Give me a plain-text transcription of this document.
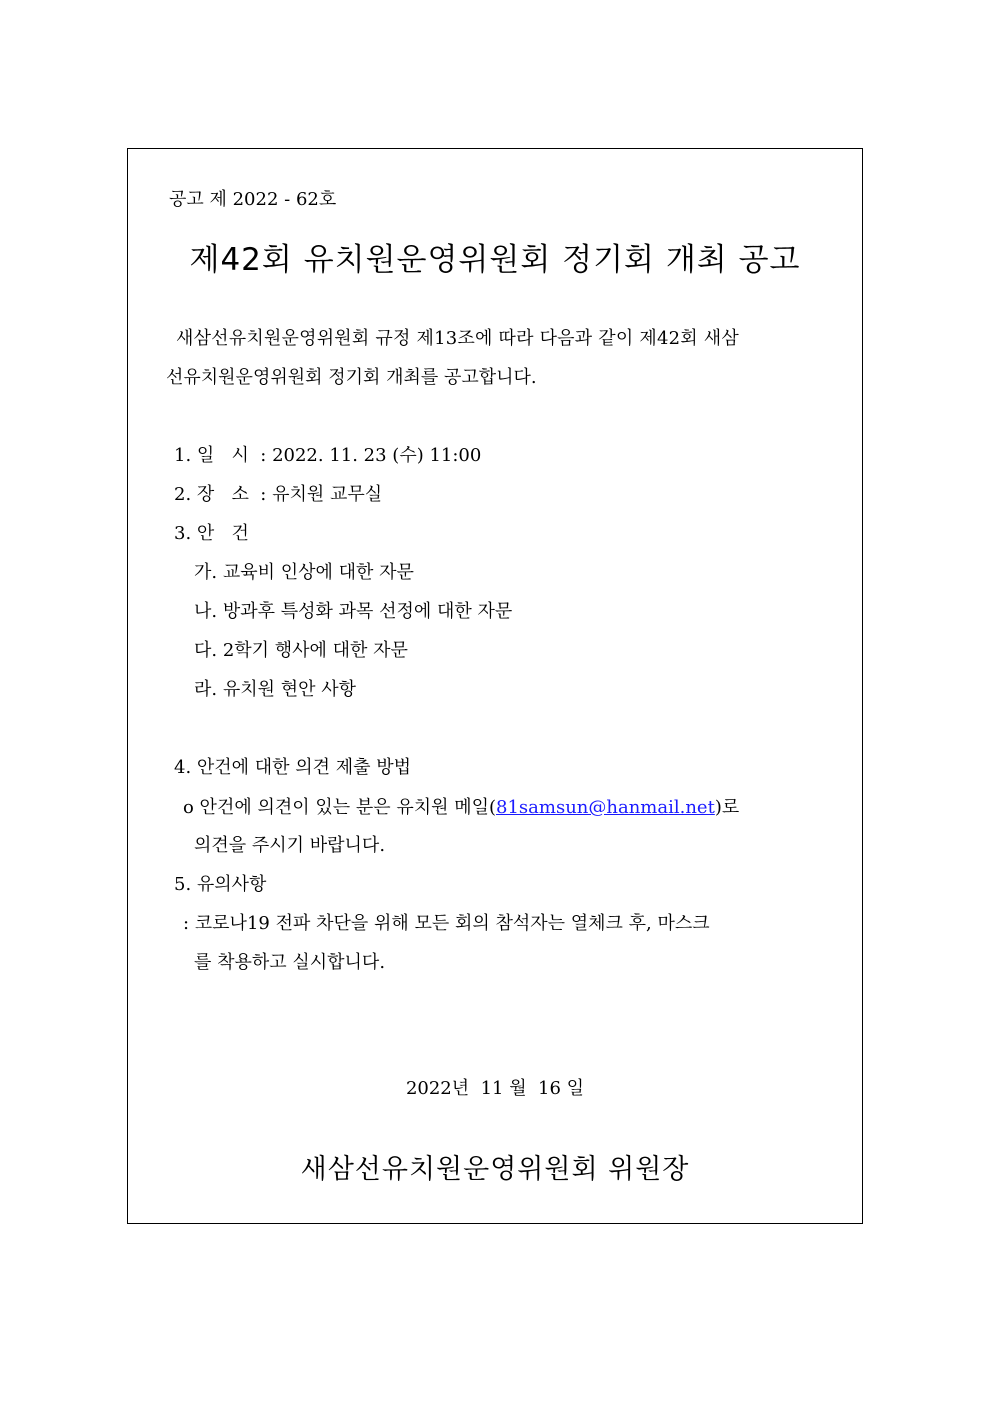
공고 제 2022 - 62호
제42회 유치원운영위원회 정기회 개최 공고
새삼선유치원운영위원회 규정 제13조에 따라 다음과 같이 제42회 새삼
선유치원운영위원회 정기회 개최를 공고합니다.
1. 일   시  : 2022. 11. 23 (수) 11:00
2. 장   소  : 유치원 교무실
3. 안   건
가. 교육비 인상에 대한 자문
나. 방과후 특성화 과목 선정에 대한 자문
다. 2학기 행사에 대한 자문
라. 유치원 현안 사항
4. 안건에 대한 의견 제출 방법
o 안건에 의견이 있는 분은 유치원 메일(81samsun@hanmail.net)로
의견을 주시기 바랍니다.
5. 유의사항
: 코로나19 전파 차단을 위해 모든 회의 참석자는 열체크 후, 마스크
를 착용하고 실시합니다.
2022년  11 월  16 일
새삼선유치원운영위원회 위원장
